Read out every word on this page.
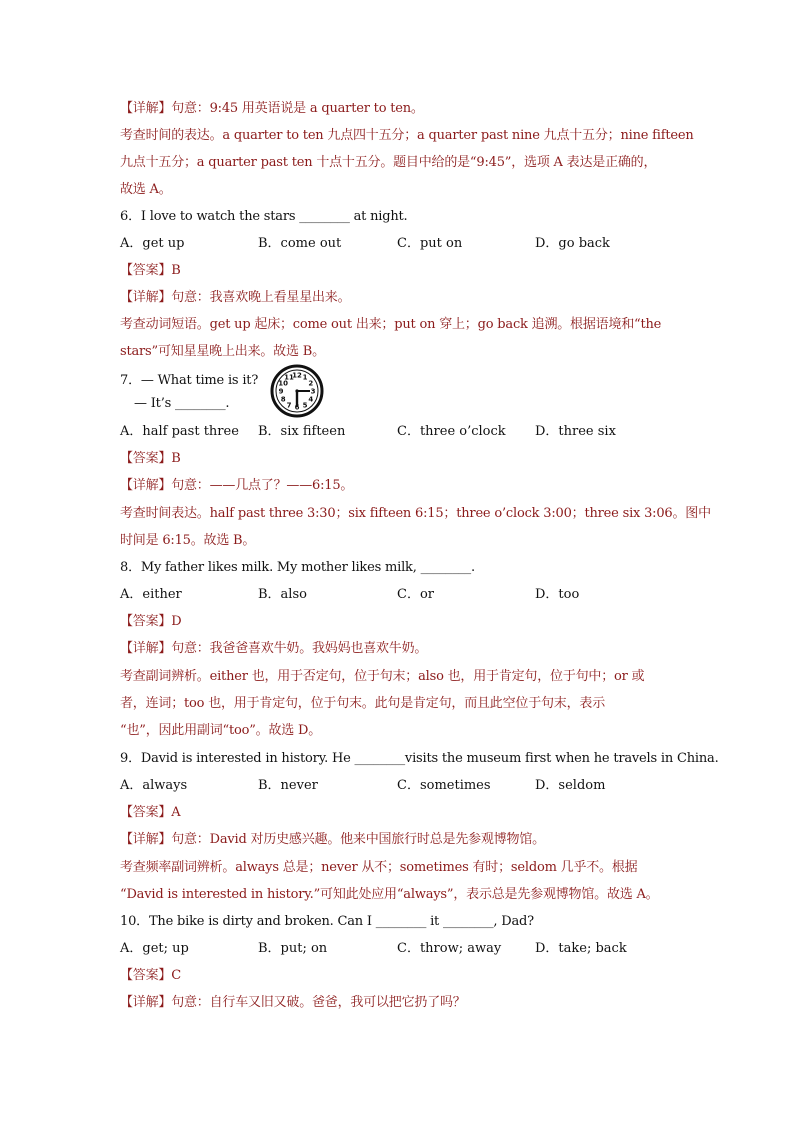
【详解】句意：9:45 用英语说是 a quarter to ten。
考查时间的表达。a quarter to ten 九点四十五分；a quarter past nine 九点十五分；nine fifteen
九点十五分；a quarter past ten 十点十五分。题目中给的是“9:45”，选项 A 表达是正确的，
故选 A。
6．I love to watch the stars ________ at night.
A．get up	B．come out	C．put on	D．go back
【答案】B
【详解】句意：我喜欢晚上看星星出来。
考查动词短语。get up 起床；come out 出来；put on 穿上；go back 追溯。根据语境和“the
stars”可知星星晚上出来。故选 B。
7．— What time is it?
— It’s ________.
12 1
2
3
4
5
6
7
8
9
10
11
A．half past three B．six fifteen	C．three o’clock D．three six
【答案】B
【详解】句意：——几点了？——6:15。
考查时间表达。half past three 3:30；six fifteen 6:15；three o’clock 3:00；three six 3:06。图中
时间是 6:15。故选 B。
8．My father likes milk. My mother likes milk, ________.
A．either	B．also	C．or	D．too
【答案】D
【详解】句意：我爸爸喜欢牛奶。我妈妈也喜欢牛奶。
考查副词辨析。either 也，用于否定句，位于句末；also 也，用于肯定句，位于句中；or 或
者，连词；too 也，用于肯定句，位于句末。此句是肯定句，而且此空位于句末，表示
“也”，因此用副词“too”。故选 D。
9．David is interested in history. He ________visits the museum first when he travels in China.
A．always	B．never	C．sometimes	D．seldom
【答案】A
【详解】句意：David 对历史感兴趣。他来中国旅行时总是先参观博物馆。
考查频率副词辨析。always 总是；never 从不；sometimes 有时；seldom 几乎不。根据
“David is interested in history.”可知此处应用“always”，表示总是先参观博物馆。故选 A。
10．The bike is dirty and broken. Can I ________ it ________, Dad?
A．get; up	B．put; on	C．throw; away	D．take; back
【答案】C
【详解】句意：自行车又旧又破。爸爸，我可以把它扔了吗？
